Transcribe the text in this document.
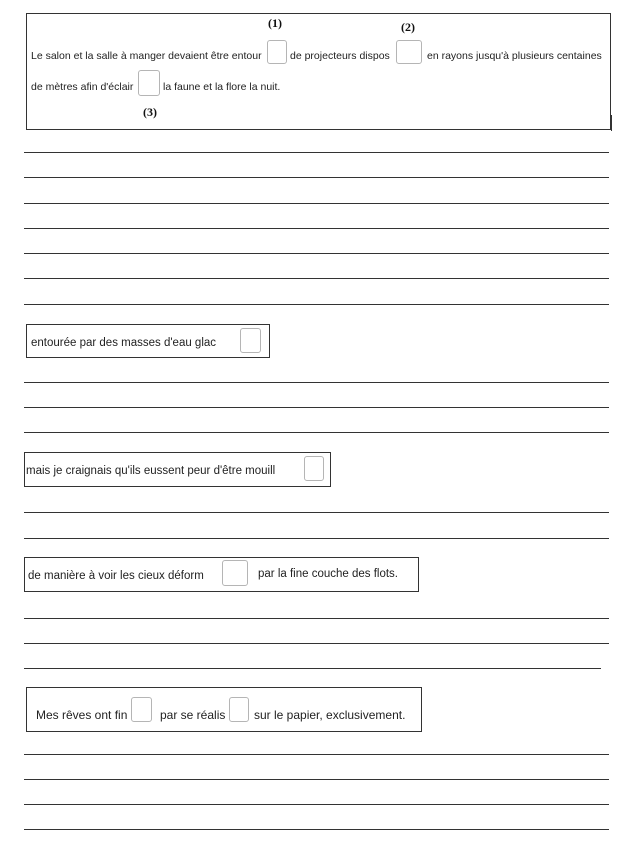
(1)	(2)
Le salon et la salle à manger devaient être entour	de projecteurs dispos	en rayons jusqu'à plusieurs centaines
de mètres afin d'éclair	la faune et la flore la nuit.
(3)
entourée par des masses d'eau glac
mais je craignais qu'ils eussent peur d'être mouill
de manière à voir les cieux déform	par la fine couche des flots.
Mes rêves ont fin	par se réalis sur le papier, exclusivement.
